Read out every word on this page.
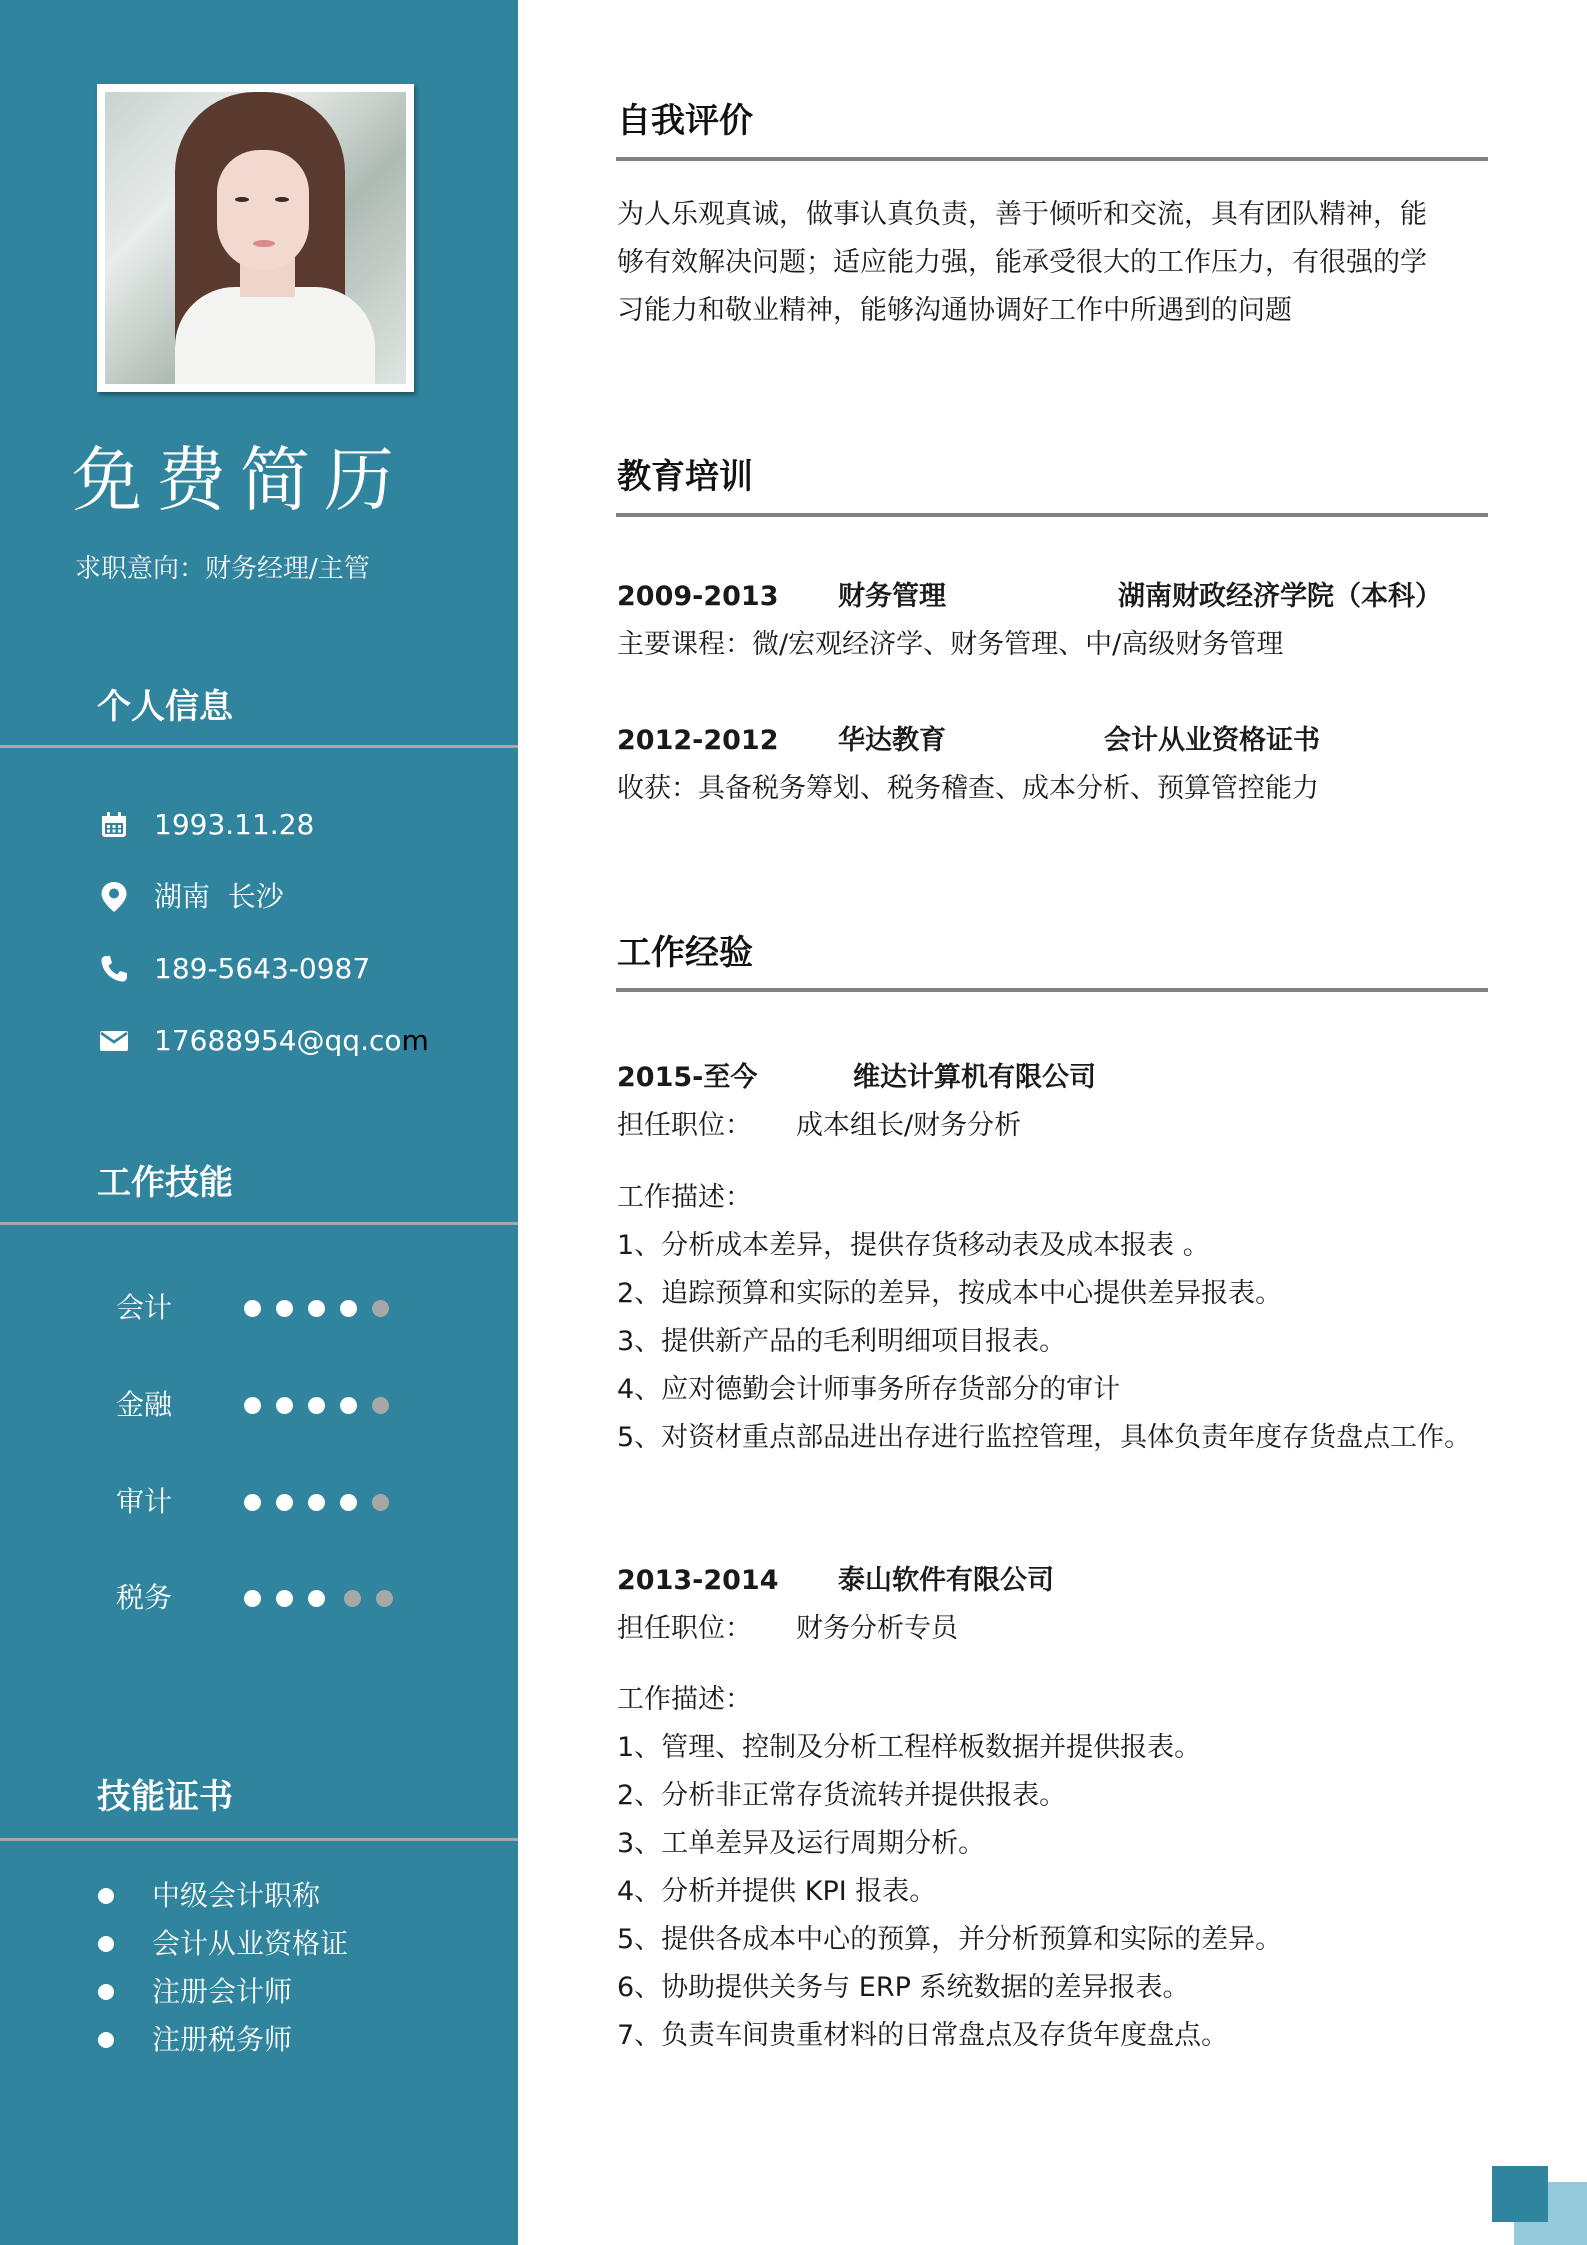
免费简历
求职意向：财务经理/主管
个人信息
1993.11.28
湖南  长沙
189-5643-0987
17688954@qq.com
工作技能
会计
金融
审计
税务
技能证书
中级会计职称
会计从业资格证
注册会计师
注册税务师
自我评价
为人乐观真诚，做事认真负责，善于倾听和交流，具有团队精神，能
够有效解决问题；适应能力强，能承受很大的工作压力，有很强的学
习能力和敬业精神，能够沟通协调好工作中所遇到的问题
教育培训
2009-2013 财务管理	湖南财政经济学院（本科）
主要课程：微/宏观经济学、财务管理、中/高级财务管理
2012-2012 华达教育	会计从业资格证书
收获：具备税务筹划、税务稽查、成本分析、预算管控能力
工作经验
2015-至今	维达计算机有限公司
担任职位： 成本组长/财务分析
工作描述：
1、分析成本差异，提供存货移动表及成本报表 。
2、追踪预算和实际的差异，按成本中心提供差异报表。
3、提供新产品的毛利明细项目报表。
4、应对德勤会计师事务所存货部分的审计
5、对资材重点部品进出存进行监控管理，具体负责年度存货盘点工作。
2013-2014 泰山软件有限公司
担任职位： 财务分析专员
工作描述：
1、管理、控制及分析工程样板数据并提供报表。
2、分析非正常存货流转并提供报表。
3、工单差异及运行周期分析。
4、分析并提供 KPI 报表。
5、提供各成本中心的预算，并分析预算和实际的差异。
6、协助提供关务与 ERP 系统数据的差异报表。
7、负责车间贵重材料的日常盘点及存货年度盘点。
